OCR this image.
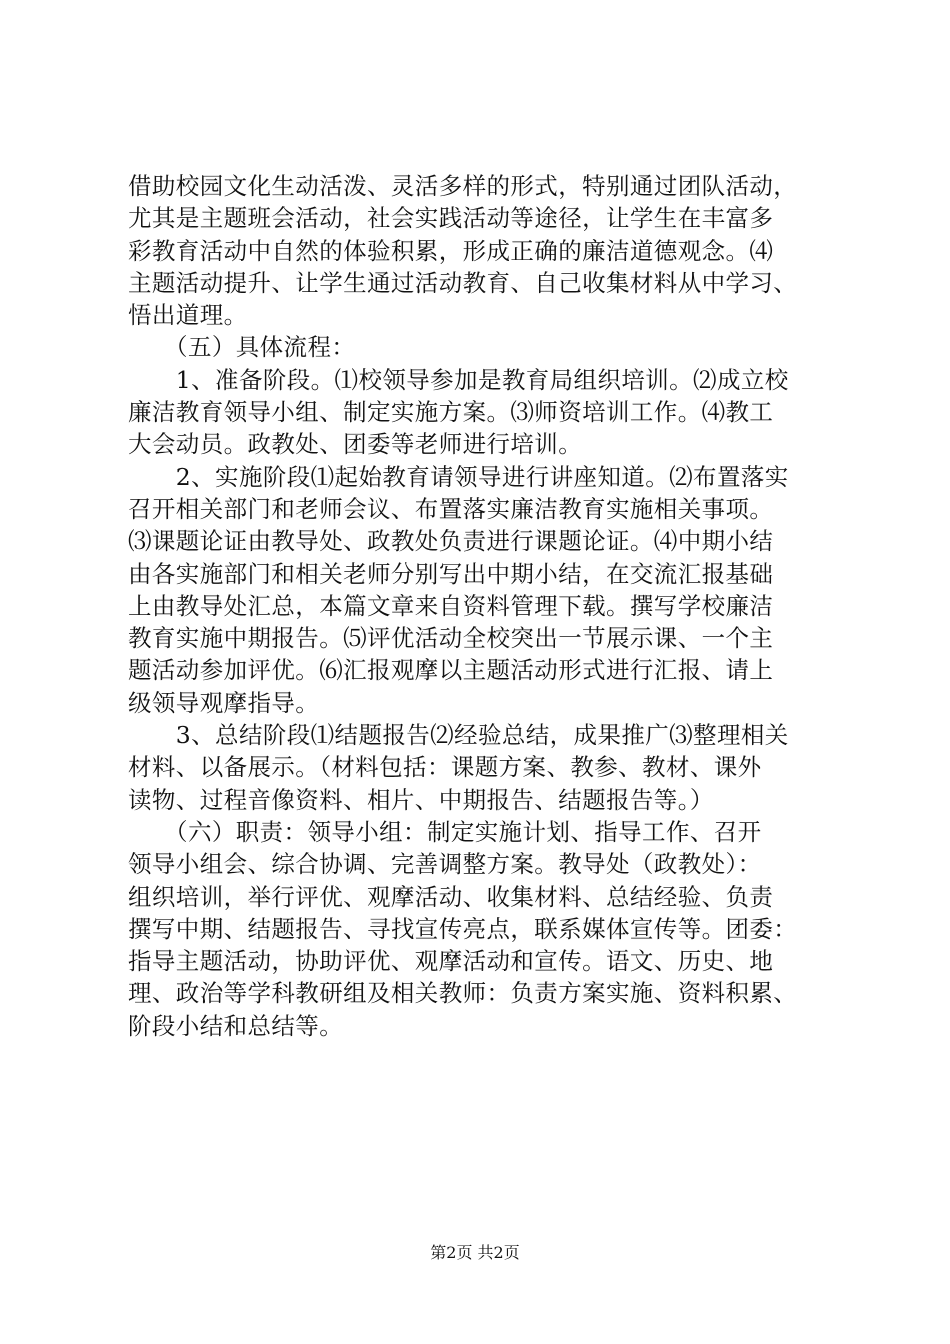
借助校园文化生动活泼、灵活多样的形式，特别通过团队活动，
尤其是主题班会活动，社会实践活动等途径，让学生在丰富多
彩教育活动中自然的体验积累，形成正确的廉洁道德观念。⑷
主题活动提升、让学生通过活动教育、自己收集材料从中学习、
悟出道理。
　　（五）具体流程：
　　1、准备阶段。⑴校领导参加是教育局组织培训。⑵成立校
廉洁教育领导小组、制定实施方案。⑶师资培训工作。⑷教工
大会动员。政教处、团委等老师进行培训。
　　2、实施阶段⑴起始教育请领导进行讲座知道。⑵布置落实
召开相关部门和老师会议、布置落实廉洁教育实施相关事项。
⑶课题论证由教导处、政教处负责进行课题论证。⑷中期小结
由各实施部门和相关老师分别写出中期小结，在交流汇报基础
上由教导处汇总，本篇文章来自资料管理下载。撰写学校廉洁
教育实施中期报告。⑸评优活动全校突出一节展示课、一个主
题活动参加评优。⑹汇报观摩以主题活动形式进行汇报、请上
级领导观摩指导。
　　3、总结阶段⑴结题报告⑵经验总结，成果推广⑶整理相关
材料、以备展示。（材料包括：课题方案、教参、教材、课外
读物、过程音像资料、相片、中期报告、结题报告等。）
　　（六）职责：领导小组：制定实施计划、指导工作、召开
领导小组会、综合协调、完善调整方案。教导处（政教处）：
组织培训，举行评优、观摩活动、收集材料、总结经验、负责
撰写中期、结题报告、寻找宣传亮点，联系媒体宣传等。团委：
指导主题活动，协助评优、观摩活动和宣传。语文、历史、地
理、政治等学科教研组及相关教师：负责方案实施、资料积累、
阶段小结和总结等。
第2页 共2页
